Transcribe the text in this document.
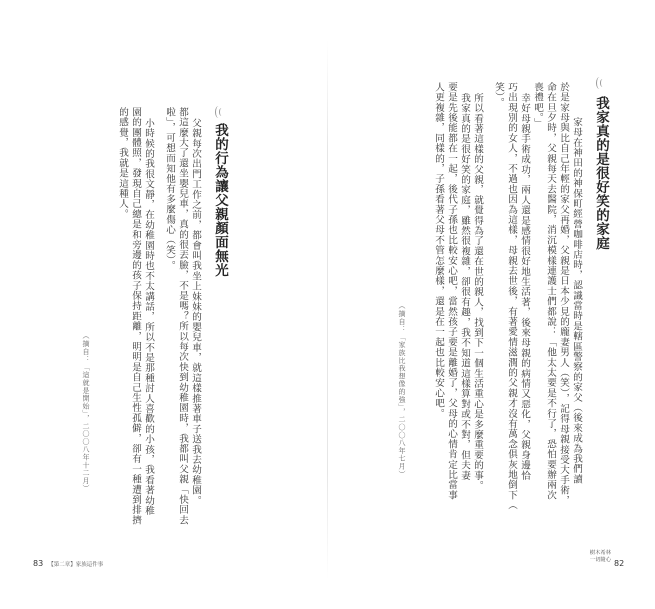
我家真的是很好笑的家庭

家母在神田的神保町經營咖啡店時，認識當時是轄區警察的家父（後來成為我們讀

於是家母與比自己年輕的家父再婚，父親是日本少見的龐妻男人（笑），記得母親接受大手術，

命在旦夕時，父親每天去醫院，消沉模樣連護士們都說：「他太太要是不行了，恐怕要辦兩次

喪禮吧。」

幸好母親手術成功，兩人還是感情很好地生活著，後來母親的病情又惡化，父親身邊恰

巧出現別的女人，不過也因為這樣，母親去世後，有著愛情滋潤的父親才沒有萬念俱灰地倒下（

笑）。

所以看著這樣的父親，就覺得為了還在世的親人，找到下一個生活重心是多麼重要的事。

我家真的是很好笑的家庭，雖然很複雜，卻很有趣，我不知道這樣算對或不對，但夫妻

要是先後能都在一起，後代子孫也比較安心吧，當然孩子要是離婚了，父母的心情肯定比當事

人更複雜，同樣的，子孫看著父母不管怎麼樣，還是在一起也比較安心吧。

（摘自：「家族比我想像的強」，二〇〇八年七月）

我的行為讓父親顏面無光

父親每次出門工作之前，都會叫我坐上妹妹的嬰兒車，就這樣推著車子送我去幼稚園。

都這麼大了還坐嬰兒車，真的很丟臉，不是嗎？所以每次快到幼稚園時，我都叫父親「快回去

啦」，可想而知他有多麼傷心（笑）。

小時候的我很文靜，在幼稚園時也不太講話，所以不是那種討人喜歡的小孩，我看著幼稚

園的團體照，發現自己總是和旁邊的孩子保持距離，明明是自己生性孤僻，卻有一種遭到排擠

的感覺，我就是這種人。

（摘自：「這就是開始」，二〇〇八年十二月）

83 【第二章】家族這件事
樹木希林
一切隨心 82
